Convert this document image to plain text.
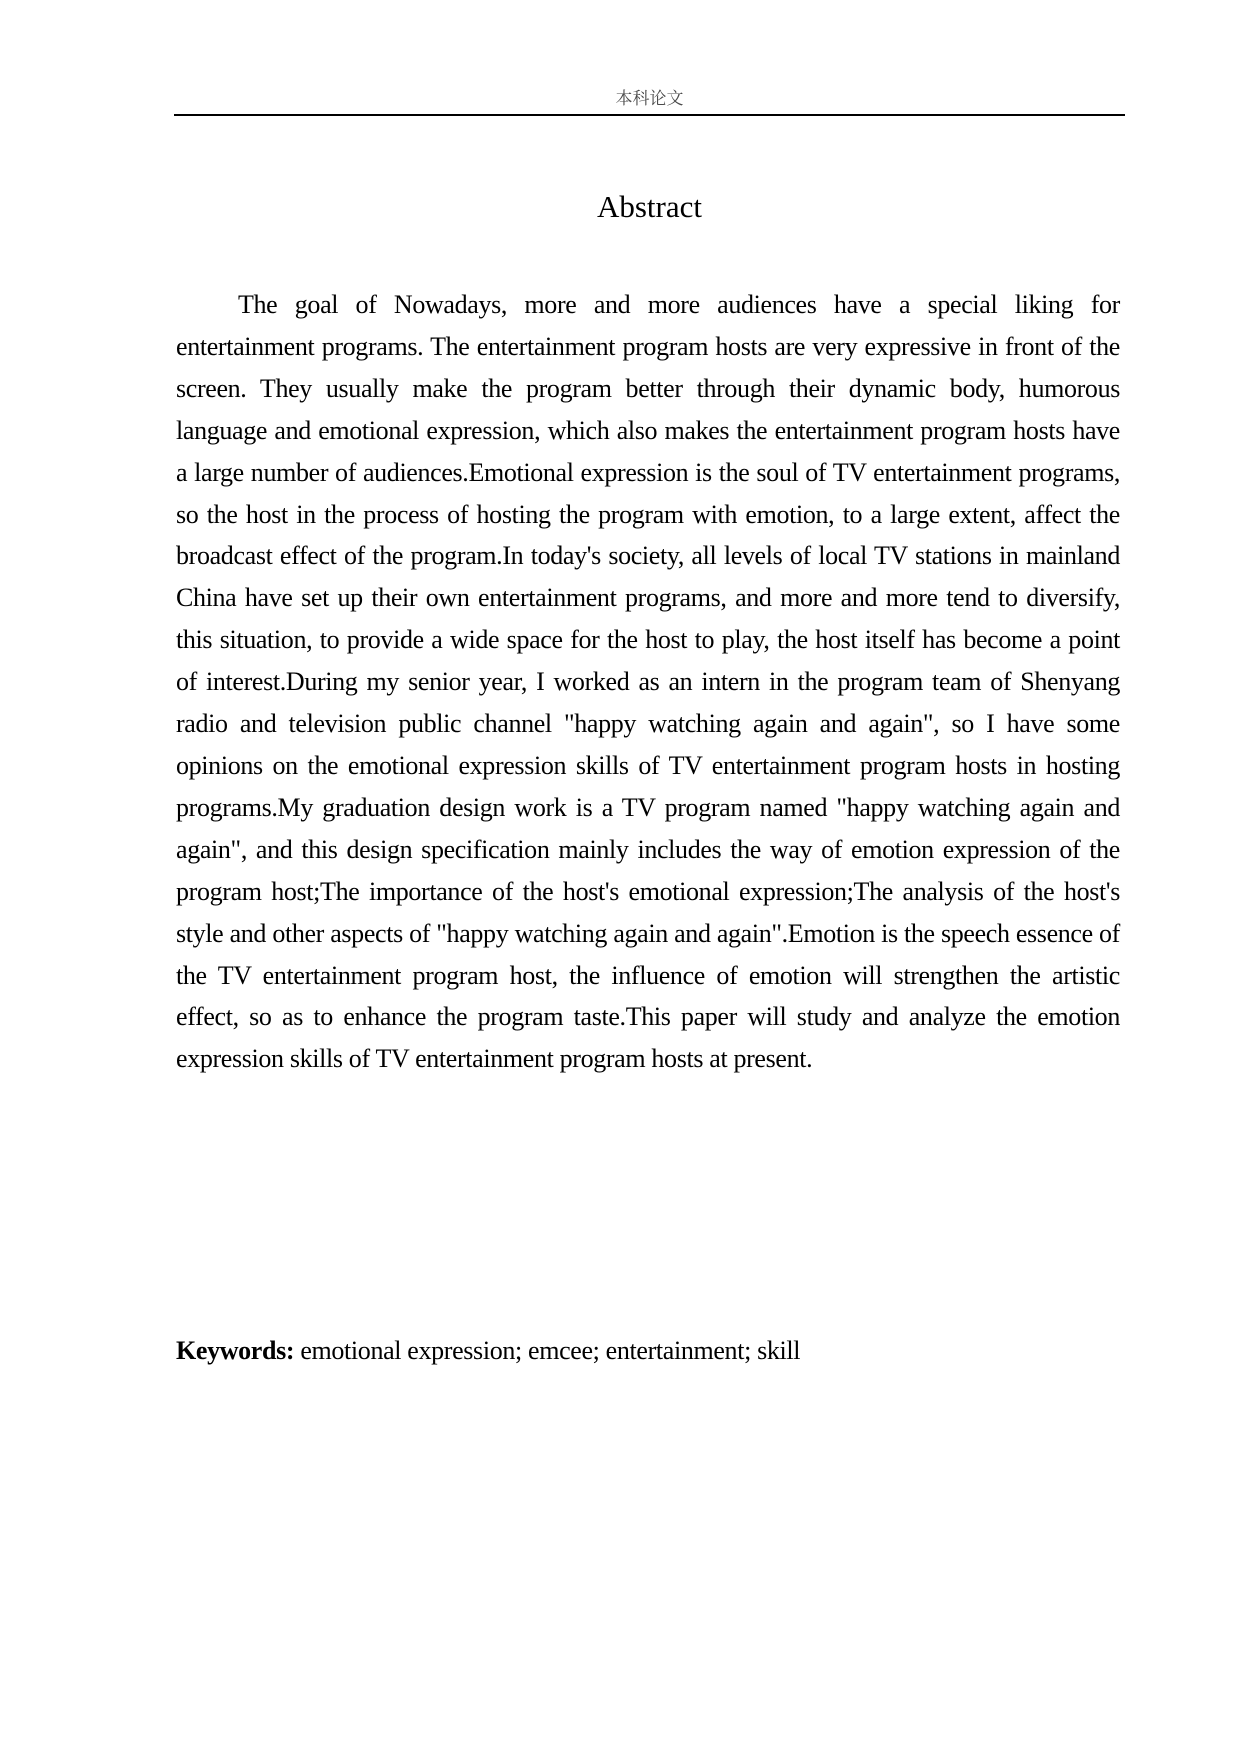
本科论文
Abstract

The goal of Nowadays, more and more audiences have a special liking for entertainment programs. The entertainment program hosts are very expressive in front of the screen. They usually make the program better through their dynamic body, humorous language and emotional expression, which also makes the entertainment program hosts have a large number of audiences.Emotional expression is the soul of TV entertainment programs, so the host in the process of hosting the program with emotion, to a large extent, affect the broadcast effect of the program.In today's society, all levels of local TV stations in mainland China have set up their own entertainment programs, and more and more tend to diversify, this situation, to provide a wide space for the host to play, the host itself has become a point of interest.During my senior year, I worked as an intern in the program team of Shenyang radio and television public channel "happy watching again and again", so I have some opinions on the emotional expression skills of TV entertainment program hosts in hosting programs.My graduation design work is a TV program named "happy watching again and again", and this design specification mainly includes the way of emotion expression of the program host;The importance of the host's emotional expression;The analysis of the host's style and other aspects of "happy watching again and again".Emotion is the speech essence of the TV entertainment program host, the influence of emotion will strengthen the artistic effect, so as to enhance the program taste.This paper will study and analyze the emotion expression skills of TV entertainment program hosts at present.

Keywords: emotional expression; emcee; entertainment; skill
